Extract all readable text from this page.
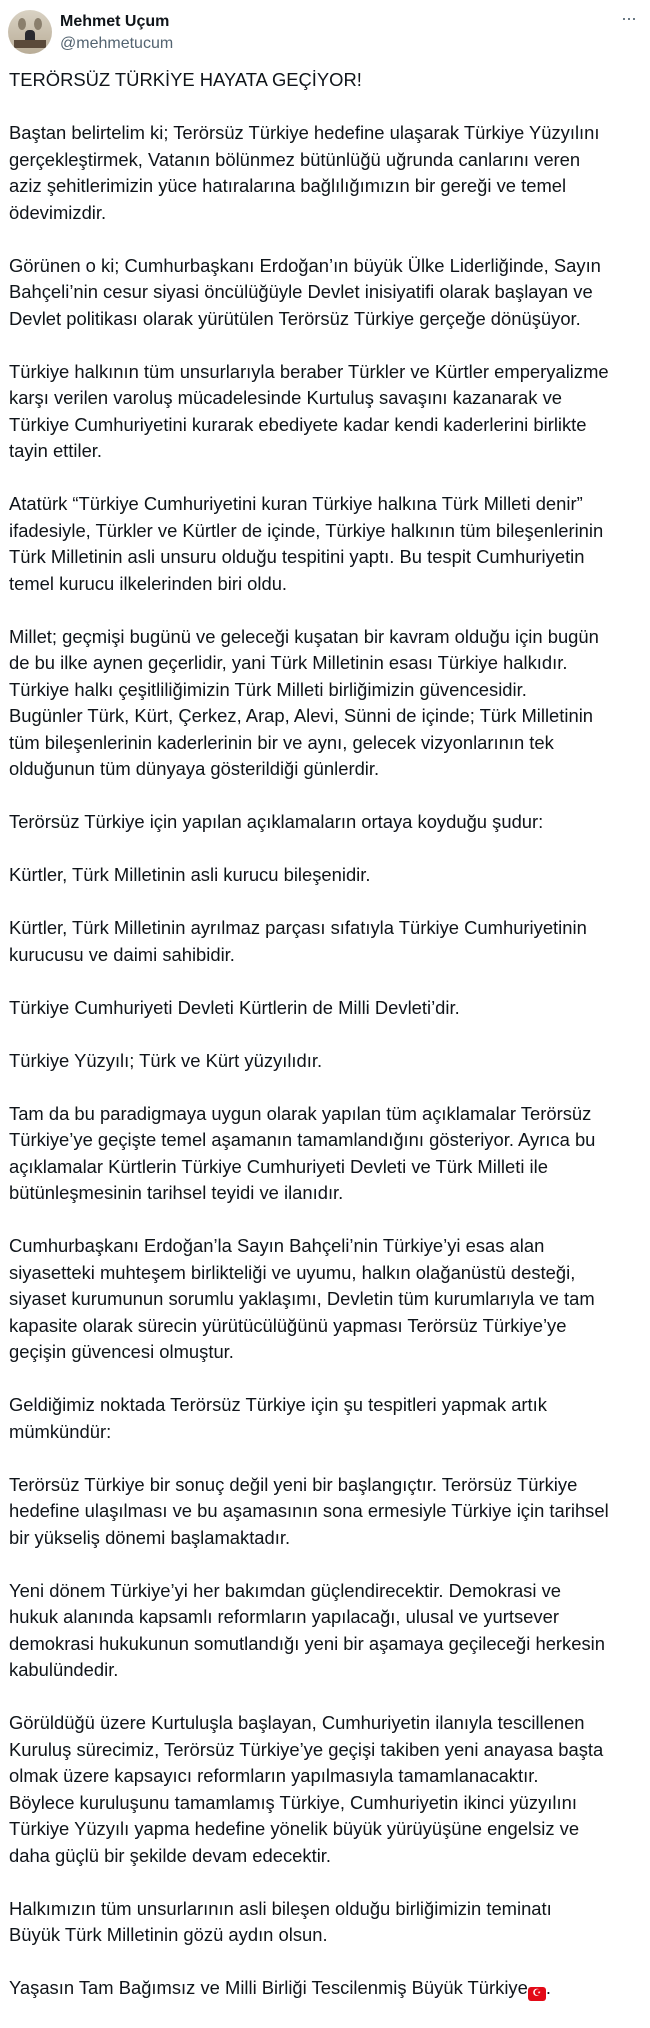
Mehmet Uçum
@mehmetucum
···
TERÖRSÜZ TÜRKİYE HAYATA GEÇİYOR!
Baştan belirtelim ki; Terörsüz Türkiye hedefine ulaşarak Türkiye Yüzyılını
gerçekleştirmek, Vatanın bölünmez bütünlüğü uğrunda canlarını veren
aziz şehitlerimizin yüce hatıralarına bağlılığımızın bir gereği ve temel
ödevimizdir.
Görünen o ki; Cumhurbaşkanı Erdoğan’ın büyük Ülke Liderliğinde, Sayın
Bahçeli’nin cesur siyasi öncülüğüyle Devlet inisiyatifi olarak başlayan ve
Devlet politikası olarak yürütülen Terörsüz Türkiye gerçeğe dönüşüyor.
Türkiye halkının tüm unsurlarıyla beraber Türkler ve Kürtler emperyalizme
karşı verilen varoluş mücadelesinde Kurtuluş savaşını kazanarak ve
Türkiye Cumhuriyetini kurarak ebediyete kadar kendi kaderlerini birlikte
tayin ettiler.
Atatürk “Türkiye Cumhuriyetini kuran Türkiye halkına Türk Milleti denir”
ifadesiyle, Türkler ve Kürtler de içinde, Türkiye halkının tüm bileşenlerinin
Türk Milletinin asli unsuru olduğu tespitini yaptı. Bu tespit Cumhuriyetin
temel kurucu ilkelerinden biri oldu.
Millet; geçmişi bugünü ve geleceği kuşatan bir kavram olduğu için bugün
de bu ilke aynen geçerlidir, yani Türk Milletinin esası Türkiye halkıdır.
Türkiye halkı çeşitliliğimizin Türk Milleti birliğimizin güvencesidir.
Bugünler Türk, Kürt, Çerkez, Arap, Alevi, Sünni de içinde; Türk Milletinin
tüm bileşenlerinin kaderlerinin bir ve aynı, gelecek vizyonlarının tek
olduğunun tüm dünyaya gösterildiği günlerdir.
Terörsüz Türkiye için yapılan açıklamaların ortaya koyduğu şudur:
Kürtler, Türk Milletinin asli kurucu bileşenidir.
Kürtler, Türk Milletinin ayrılmaz parçası sıfatıyla Türkiye Cumhuriyetinin
kurucusu ve daimi sahibidir.
Türkiye Cumhuriyeti Devleti Kürtlerin de Milli Devleti’dir.
Türkiye Yüzyılı; Türk ve Kürt yüzyılıdır.
Tam da bu paradigmaya uygun olarak yapılan tüm açıklamalar Terörsüz
Türkiye’ye geçişte temel aşamanın tamamlandığını gösteriyor. Ayrıca bu
açıklamalar Kürtlerin Türkiye Cumhuriyeti Devleti ve Türk Milleti ile
bütünleşmesinin tarihsel teyidi ve ilanıdır.
Cumhurbaşkanı Erdoğan’la Sayın Bahçeli’nin Türkiye’yi esas alan
siyasetteki muhteşem birlikteliği ve uyumu, halkın olağanüstü desteği,
siyaset kurumunun sorumlu yaklaşımı, Devletin tüm kurumlarıyla ve tam
kapasite olarak sürecin yürütücülüğünü yapması Terörsüz Türkiye’ye
geçişin güvencesi olmuştur.
Geldiğimiz noktada Terörsüz Türkiye için şu tespitleri yapmak artık
mümkündür:
Terörsüz Türkiye bir sonuç değil yeni bir başlangıçtır. Terörsüz Türkiye
hedefine ulaşılması ve bu aşamasının sona ermesiyle Türkiye için tarihsel
bir yükseliş dönemi başlamaktadır.
Yeni dönem Türkiye’yi her bakımdan güçlendirecektir. Demokrasi ve
hukuk alanında kapsamlı reformların yapılacağı, ulusal ve yurtsever
demokrasi hukukunun somutlandığı yeni bir aşamaya geçileceği herkesin
kabulündedir.
Görüldüğü üzere Kurtuluşla başlayan, Cumhuriyetin ilanıyla tescillenen
Kuruluş sürecimiz, Terörsüz Türkiye’ye geçişi takiben yeni anayasa başta
olmak üzere kapsayıcı reformların yapılmasıyla tamamlanacaktır.
Böylece kuruluşunu tamamlamış Türkiye, Cumhuriyetin ikinci yüzyılını
Türkiye Yüzyılı yapma hedefine yönelik büyük yürüyüşüne engelsiz ve
daha güçlü bir şekilde devam edecektir.
Halkımızın tüm unsurlarının asli bileşen olduğu birliğimizin teminatı
Büyük Türk Milletinin gözü aydın olsun.
Yaşasın Tam Bağımsız ve Milli Birliği Tescilenmiş Büyük Türkiye ☪ .
